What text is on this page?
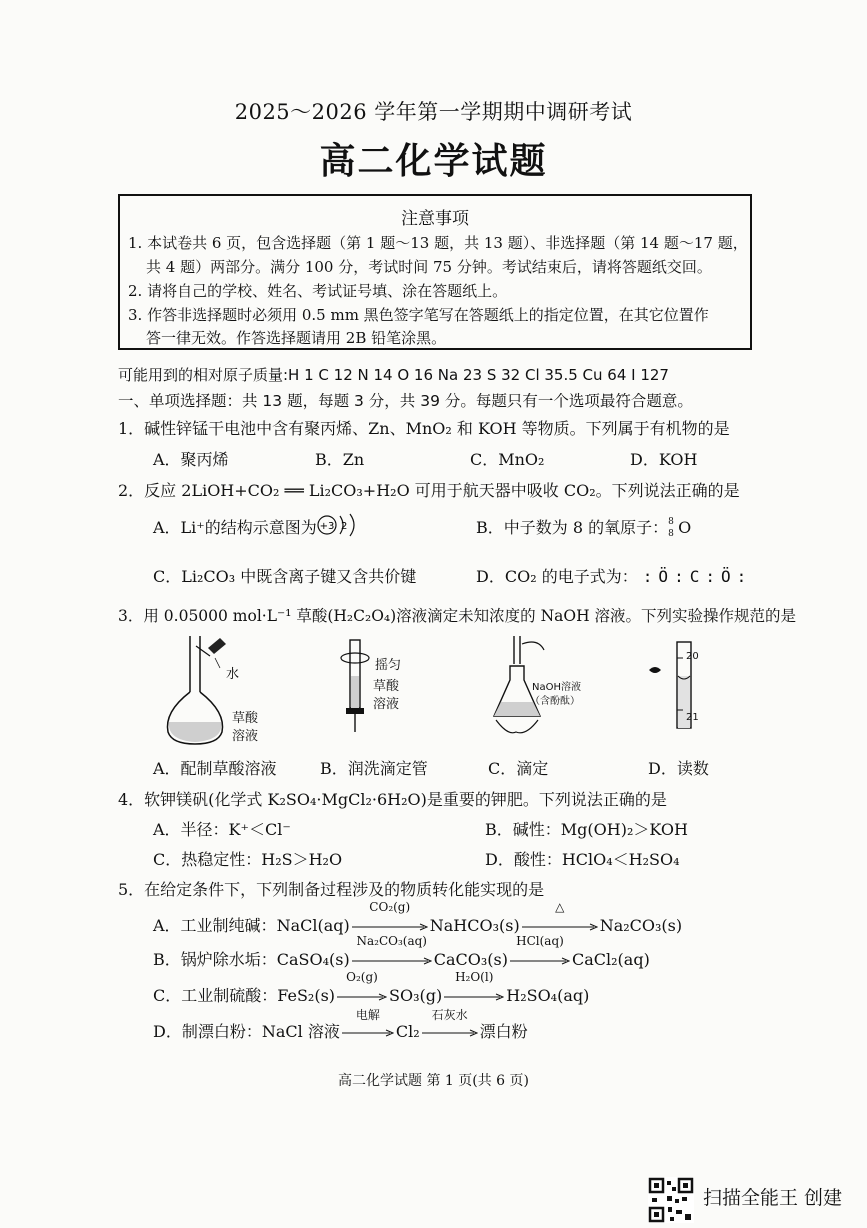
2025～2026 学年第一学期期中调研考试
高二化学试题
注意事项
1. 本试卷共 6 页，包含选择题（第 1 题～13 题，共 13 题）、非选择题（第 14 题～17 题，
共 4 题）两部分。满分 100 分，考试时间 75 分钟。考试结束后，请将答题纸交回。
2. 请将自己的学校、姓名、考试证号填、涂在答题纸上。
3. 作答非选择题时必须用 0.5 mm 黑色签字笔写在答题纸上的指定位置，在其它位置作
答一律无效。作答选择题请用 2B 铅笔涂黑。
可能用到的相对原子质量:H 1 C 12 N 14 O 16 Na 23 S 32 Cl 35.5 Cu 64 I 127
一、单项选择题：共 13 题，每题 3 分，共 39 分。每题只有一个选项最符合题意。
1．碱性锌锰干电池中含有聚丙烯、Zn、MnO₂ 和 KOH 等物质。下列属于有机物的是
A．聚丙烯	B．Zn	C．MnO₂	D．KOH
2．反应 2LiOH+CO₂ ══ Li₂CO₃+H₂O 可用于航天器中吸收 CO₂。下列说法正确的是
A．Li⁺的结构示意图为 +3 2	B．中子数为 8 的氧原子： 8
8 O
C．Li₂CO₃ 中既含离子键又含共价键	D．CO₂ 的电子式为： :Ö:C:Ö:
3．用 0.05000 mol·L⁻¹ 草酸(H₂C₂O₄)溶液滴定未知浓度的 NaOH 溶液。下列实验操作规范的是
水
草酸
溶液
摇匀
草酸
溶液
NaOH溶液
（含酚酞）
20
21
A．配制草酸溶液	B．润洗滴定管	C．滴定	D．读数
4．软钾镁矾(化学式 K₂SO₄·MgCl₂·6H₂O)是重要的钾肥。下列说法正确的是
A．半径：K⁺＜Cl⁻	B．碱性：Mg(OH)₂＞KOH
C．热稳定性：H₂S＞H₂O	D．酸性：HClO₄＜H₂SO₄
5．在给定条件下，下列制备过程涉及的物质转化能实现的是
A．工业制纯碱：NaCl(aq)
CO₂(g)
NaHCO₃(s)
△
Na₂CO₃(s)
B．锅炉除水垢：CaSO₄(s)
Na₂CO₃(aq)
CaCO₃(s)
HCl(aq)
CaCl₂(aq)
C．工业制硫酸：FeS₂(s)
O₂(g)
SO₃(g)
H₂O(l)
H₂SO₄(aq)
D．制漂白粉：NaCl 溶液
电解
Cl₂
石灰水
漂白粉
高二化学试题 第 1 页(共 6 页)
扫描全能王 创建
